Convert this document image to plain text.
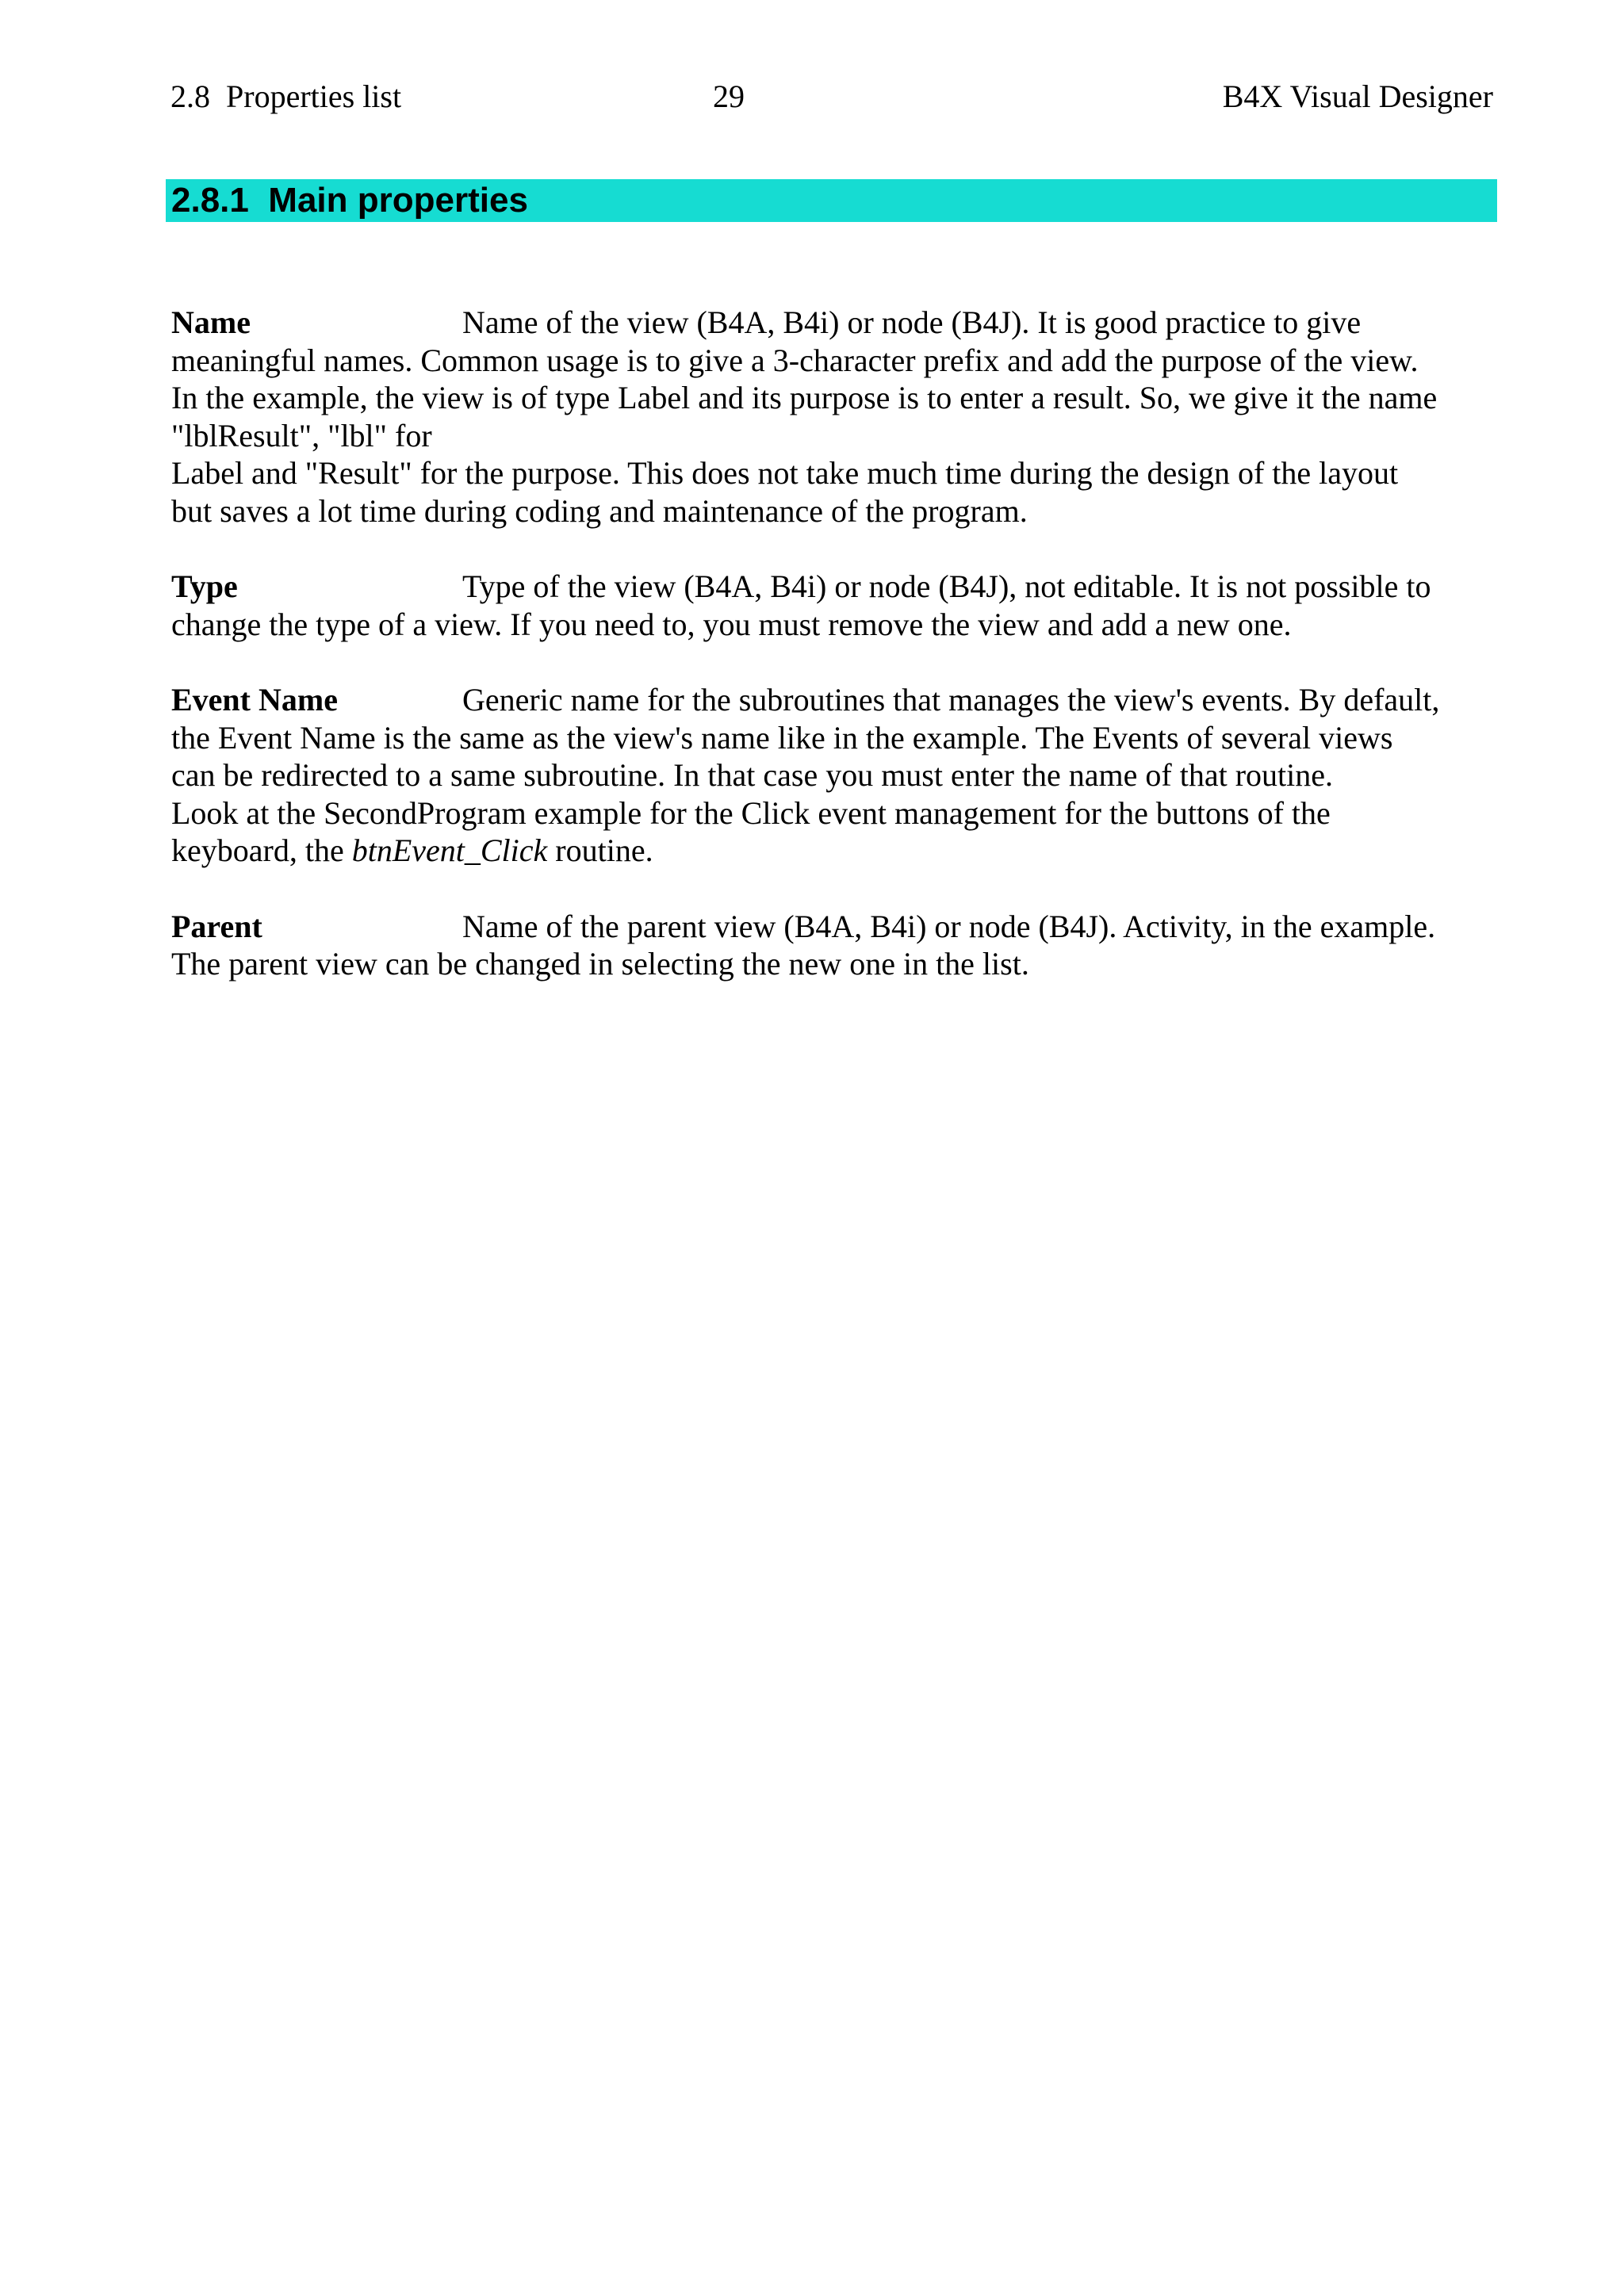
2.8  Properties list	29	B4X Visual Designer
2.8.1  Main properties
Name	Name of the view (B4A, B4i) or node (B4J). It is good practice to give
meaningful names. Common usage is to give a 3-character prefix and add the purpose of the view.
In the example, the view is of type Label and its purpose is to enter a result. So, we give it the name
"lblResult", "lbl" for
Label and "Result" for the purpose. This does not take much time during the design of the layout
but saves a lot time during coding and maintenance of the program.
Type	Type of the view (B4A, B4i) or node (B4J), not editable. It is not possible to
change the type of a view. If you need to, you must remove the view and add a new one.
Event Name	Generic name for the subroutines that manages the view's events. By default,
the Event Name is the same as the view's name like in the example. The Events of several views
can be redirected to a same subroutine. In that case you must enter the name of that routine.
Look at the SecondProgram example for the Click event management for the buttons of the
keyboard, the btnEvent_Click routine.
Parent	Name of the parent view (B4A, B4i) or node (B4J). Activity, in the example.
The parent view can be changed in selecting the new one in the list.
